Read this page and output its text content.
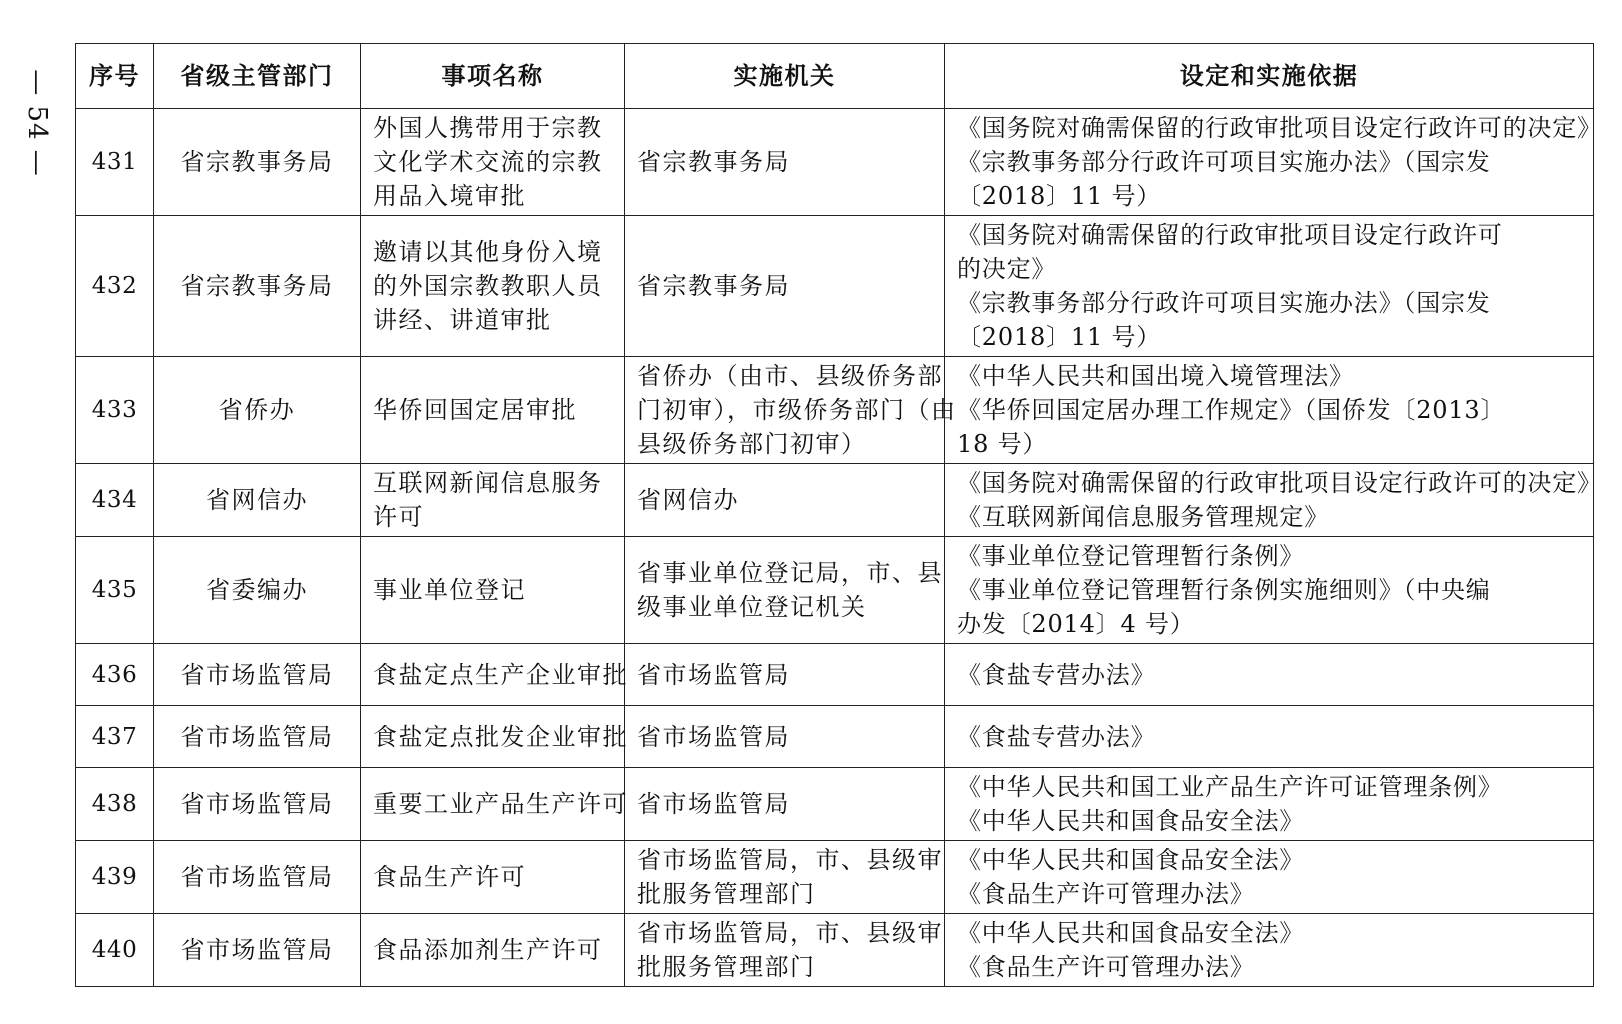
— 54 — 序号	省级主管部门	事项名称	实施机关	设定和实施依据
431	省宗教事务局	外国人携带用于宗教
文化学术交流的宗教
用品入境审批	省宗教事务局	《国务院对确需保留的行政审批项目设定行政许可的决定》
《宗教事务部分行政许可项目实施办法》（国宗发
〔2018〕11 号）

432	省宗教事务局	邀请以其他身份入境
的外国宗教教职人员
讲经、讲道审批	省宗教事务局	《国务院对确需保留的行政审批项目设定行政许可
的决定》
《宗教事务部分行政许可项目实施办法》（国宗发
〔2018〕11 号）

433	省侨办	华侨回国定居审批	省侨办（由市、县级侨务部
门初审），市级侨务部门（由
县级侨务部门初审）	《中华人民共和国出境入境管理法》
《华侨回国定居办理工作规定》（国侨发〔2013〕
18 号）

434	省网信办	互联网新闻信息服务
许可	省网信办	《国务院对确需保留的行政审批项目设定行政许可的决定》
《互联网新闻信息服务管理规定》

435	省委编办	事业单位登记	省事业单位登记局，市、县
级事业单位登记机关	《事业单位登记管理暂行条例》
《事业单位登记管理暂行条例实施细则》（中央编
办发〔2014〕4 号）

436	省市场监管局	食盐定点生产企业审批	省市场监管局	《食盐专营办法》

437	省市场监管局	食盐定点批发企业审批	省市场监管局	《食盐专营办法》

438	省市场监管局	重要工业产品生产许可	省市场监管局	《中华人民共和国工业产品生产许可证管理条例》
《中华人民共和国食品安全法》

439	省市场监管局	食品生产许可	省市场监管局，市、县级审
批服务管理部门	《中华人民共和国食品安全法》
《食品生产许可管理办法》

440	省市场监管局	食品添加剂生产许可	省市场监管局，市、县级审
批服务管理部门	《中华人民共和国食品安全法》
《食品生产许可管理办法》
